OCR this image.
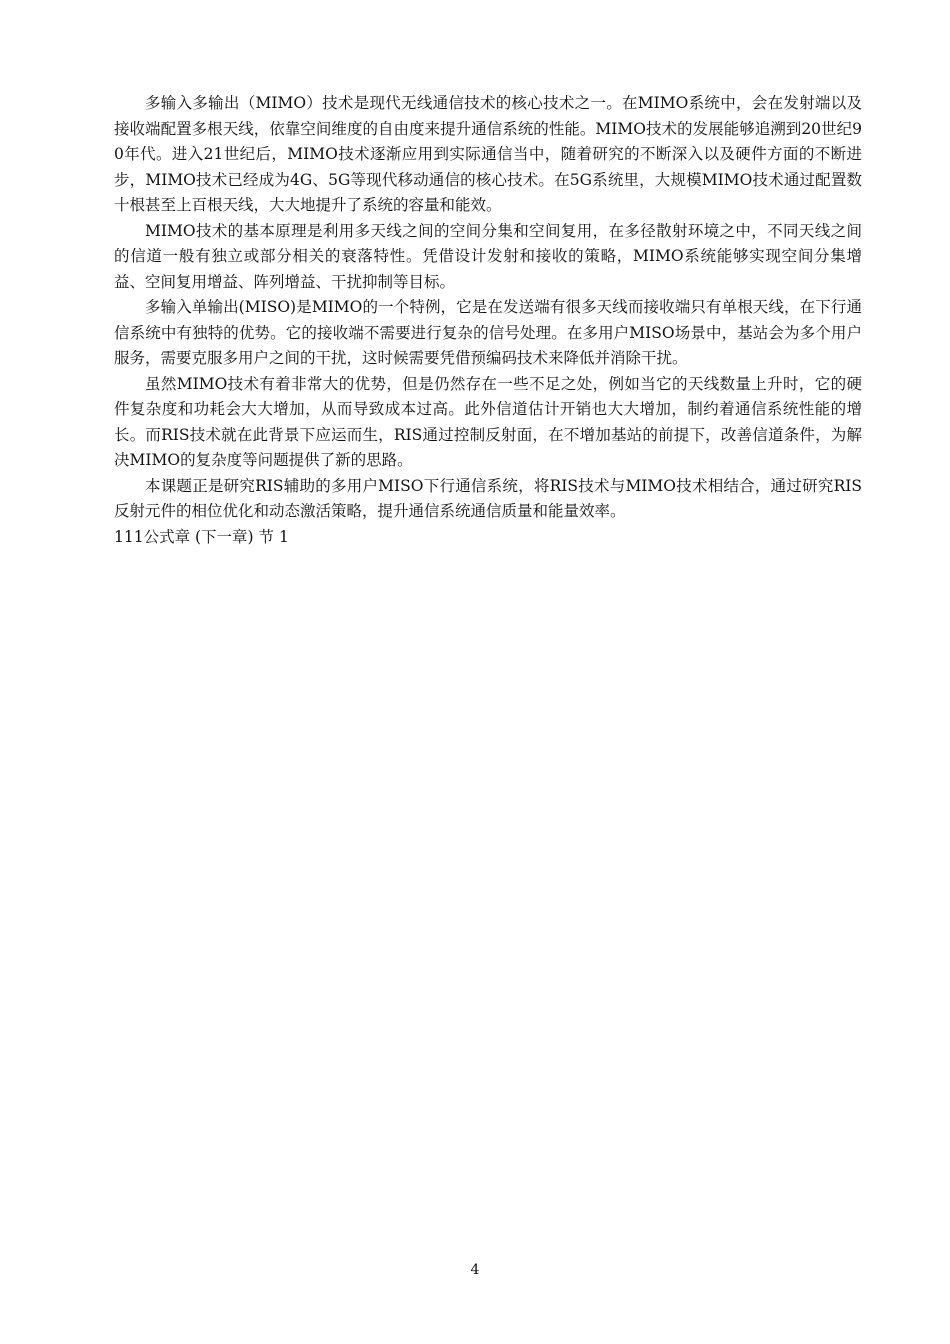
多输入多输出（MIMO）技术是现代无线通信技术的核心技术之一。在MIMO系统中，会在发射端以及接收端配置多根天线，依靠空间维度的自由度来提升通信系统的性能。MIMO技术的发展能够追溯到20世纪90年代。进入21世纪后，MIMO技术逐渐应用到实际通信当中，随着研究的不断深入以及硬件方面的不断进步，MIMO技术已经成为4G、5G等现代移动通信的核心技术。在5G系统里，大规模MIMO技术通过配置数十根甚至上百根天线，大大地提升了系统的容量和能效。

MIMO技术的基本原理是利用多天线之间的空间分集和空间复用，在多径散射环境之中，不同天线之间的信道一般有独立或部分相关的衰落特性。凭借设计发射和接收的策略，MIMO系统能够实现空间分集增益、空间复用增益、阵列增益、干扰抑制等目标。

多输入单输出(MISO)是MIMO的一个特例，它是在发送端有很多天线而接收端只有单根天线，在下行通信系统中有独特的优势。它的接收端不需要进行复杂的信号处理。在多用户MISO场景中，基站会为多个用户服务，需要克服多用户之间的干扰，这时候需要凭借预编码技术来降低并消除干扰。

虽然MIMO技术有着非常大的优势，但是仍然存在一些不足之处，例如当它的天线数量上升时，它的硬件复杂度和功耗会大大增加，从而导致成本过高。此外信道估计开销也大大增加，制约着通信系统性能的增长。而RIS技术就在此背景下应运而生，RIS通过控制反射面，在不增加基站的前提下，改善信道条件，为解决MIMO的复杂度等问题提供了新的思路。

本课题正是研究RIS辅助的多用户MISO下行通信系统，将RIS技术与MIMO技术相结合，通过研究RIS反射元件的相位优化和动态激活策略，提升通信系统通信质量和能量效率。

111公式章 (下一章) 节 1

4
